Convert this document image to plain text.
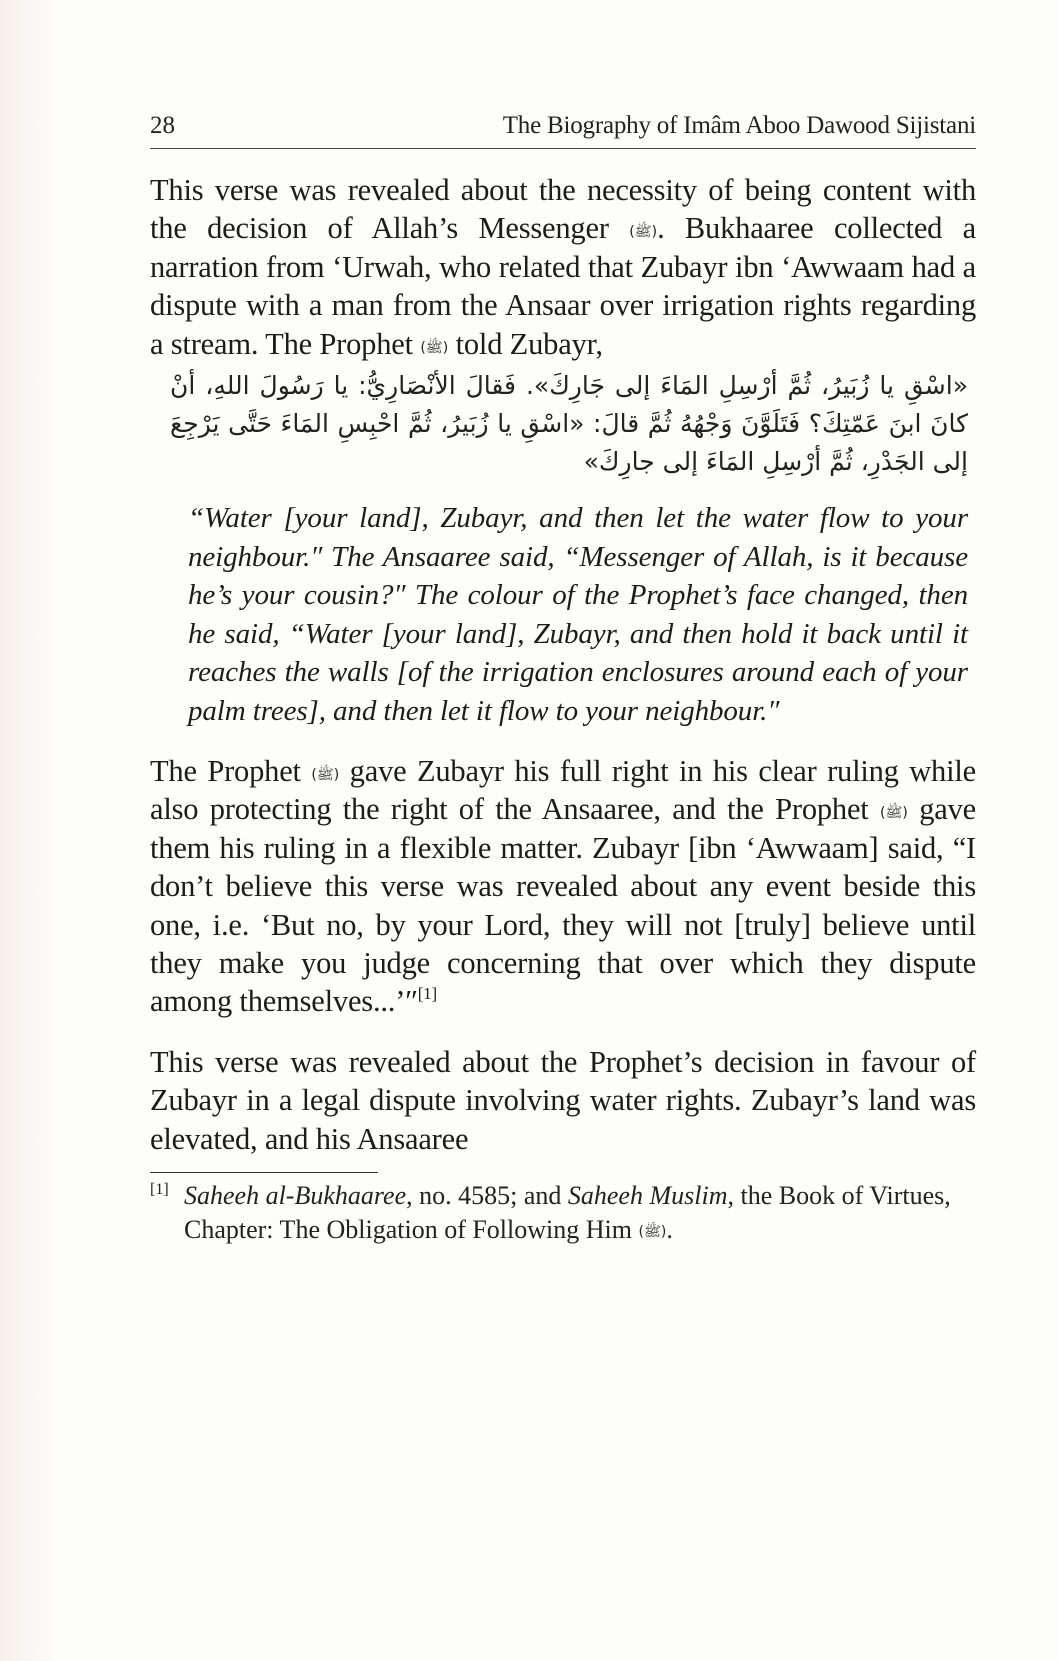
28	The Biography of Imâm Aboo Dawood Sijistani

This verse was revealed about the necessity of being content with the decision of Allah’s Messenger (ﷺ). Bukhaaree collected a narration from ‘Urwah, who related that Zubayr ibn ‘Awwaam had a dispute with a man from the Ansaar over irrigation rights regarding a stream. The Prophet (ﷺ) told Zubayr,

«اسْقِ يا زُبَيرُ، ثُمَّ أرْسِلِ المَاءَ إلى جَارِكَ». فَقالَ الأنْصَارِيُّ: يا رَسُولَ اللهِ، أنْ كانَ ابنَ عَمّتِكَ؟ فَتَلَوَّنَ وَجْهُهُ ثُمَّ قالَ: «اسْقِ يا زُبَيرُ، ثُمَّ احْبِسِ المَاءَ حَتَّى يَرْجِعَ إلى الجَدْرِ، ثُمَّ أرْسِلِ المَاءَ إلى جارِكَ»

“Water [your land], Zubayr, and then let the water flow to your neighbour.″ The Ansaaree said, “Messenger of Allah, is it because he’s your cousin?″ The colour of the Prophet’s face changed, then he said, “Water [your land], Zubayr, and then hold it back until it reaches the walls [of the irrigation enclosures around each of your palm trees], and then let it flow to your neighbour.″

The Prophet (ﷺ) gave Zubayr his full right in his clear ruling while also protecting the right of the Ansaaree, and the Prophet (ﷺ) gave them his ruling in a flexible matter. Zubayr [ibn ‘Awwaam] said, “I don’t believe this verse was revealed about any event beside this one, i.e. ‘But no, by your Lord, they will not [truly] believe until they make you judge concerning that over which they dispute among themselves...’″[1]

This verse was revealed about the Prophet’s decision in favour of Zubayr in a legal dispute involving water rights. Zubayr’s land was elevated, and his Ansaaree

[1] Saheeh al-Bukhaaree, no. 4585; and Saheeh Muslim, the Book of Virtues, Chapter: The Obligation of Following Him (ﷺ).
